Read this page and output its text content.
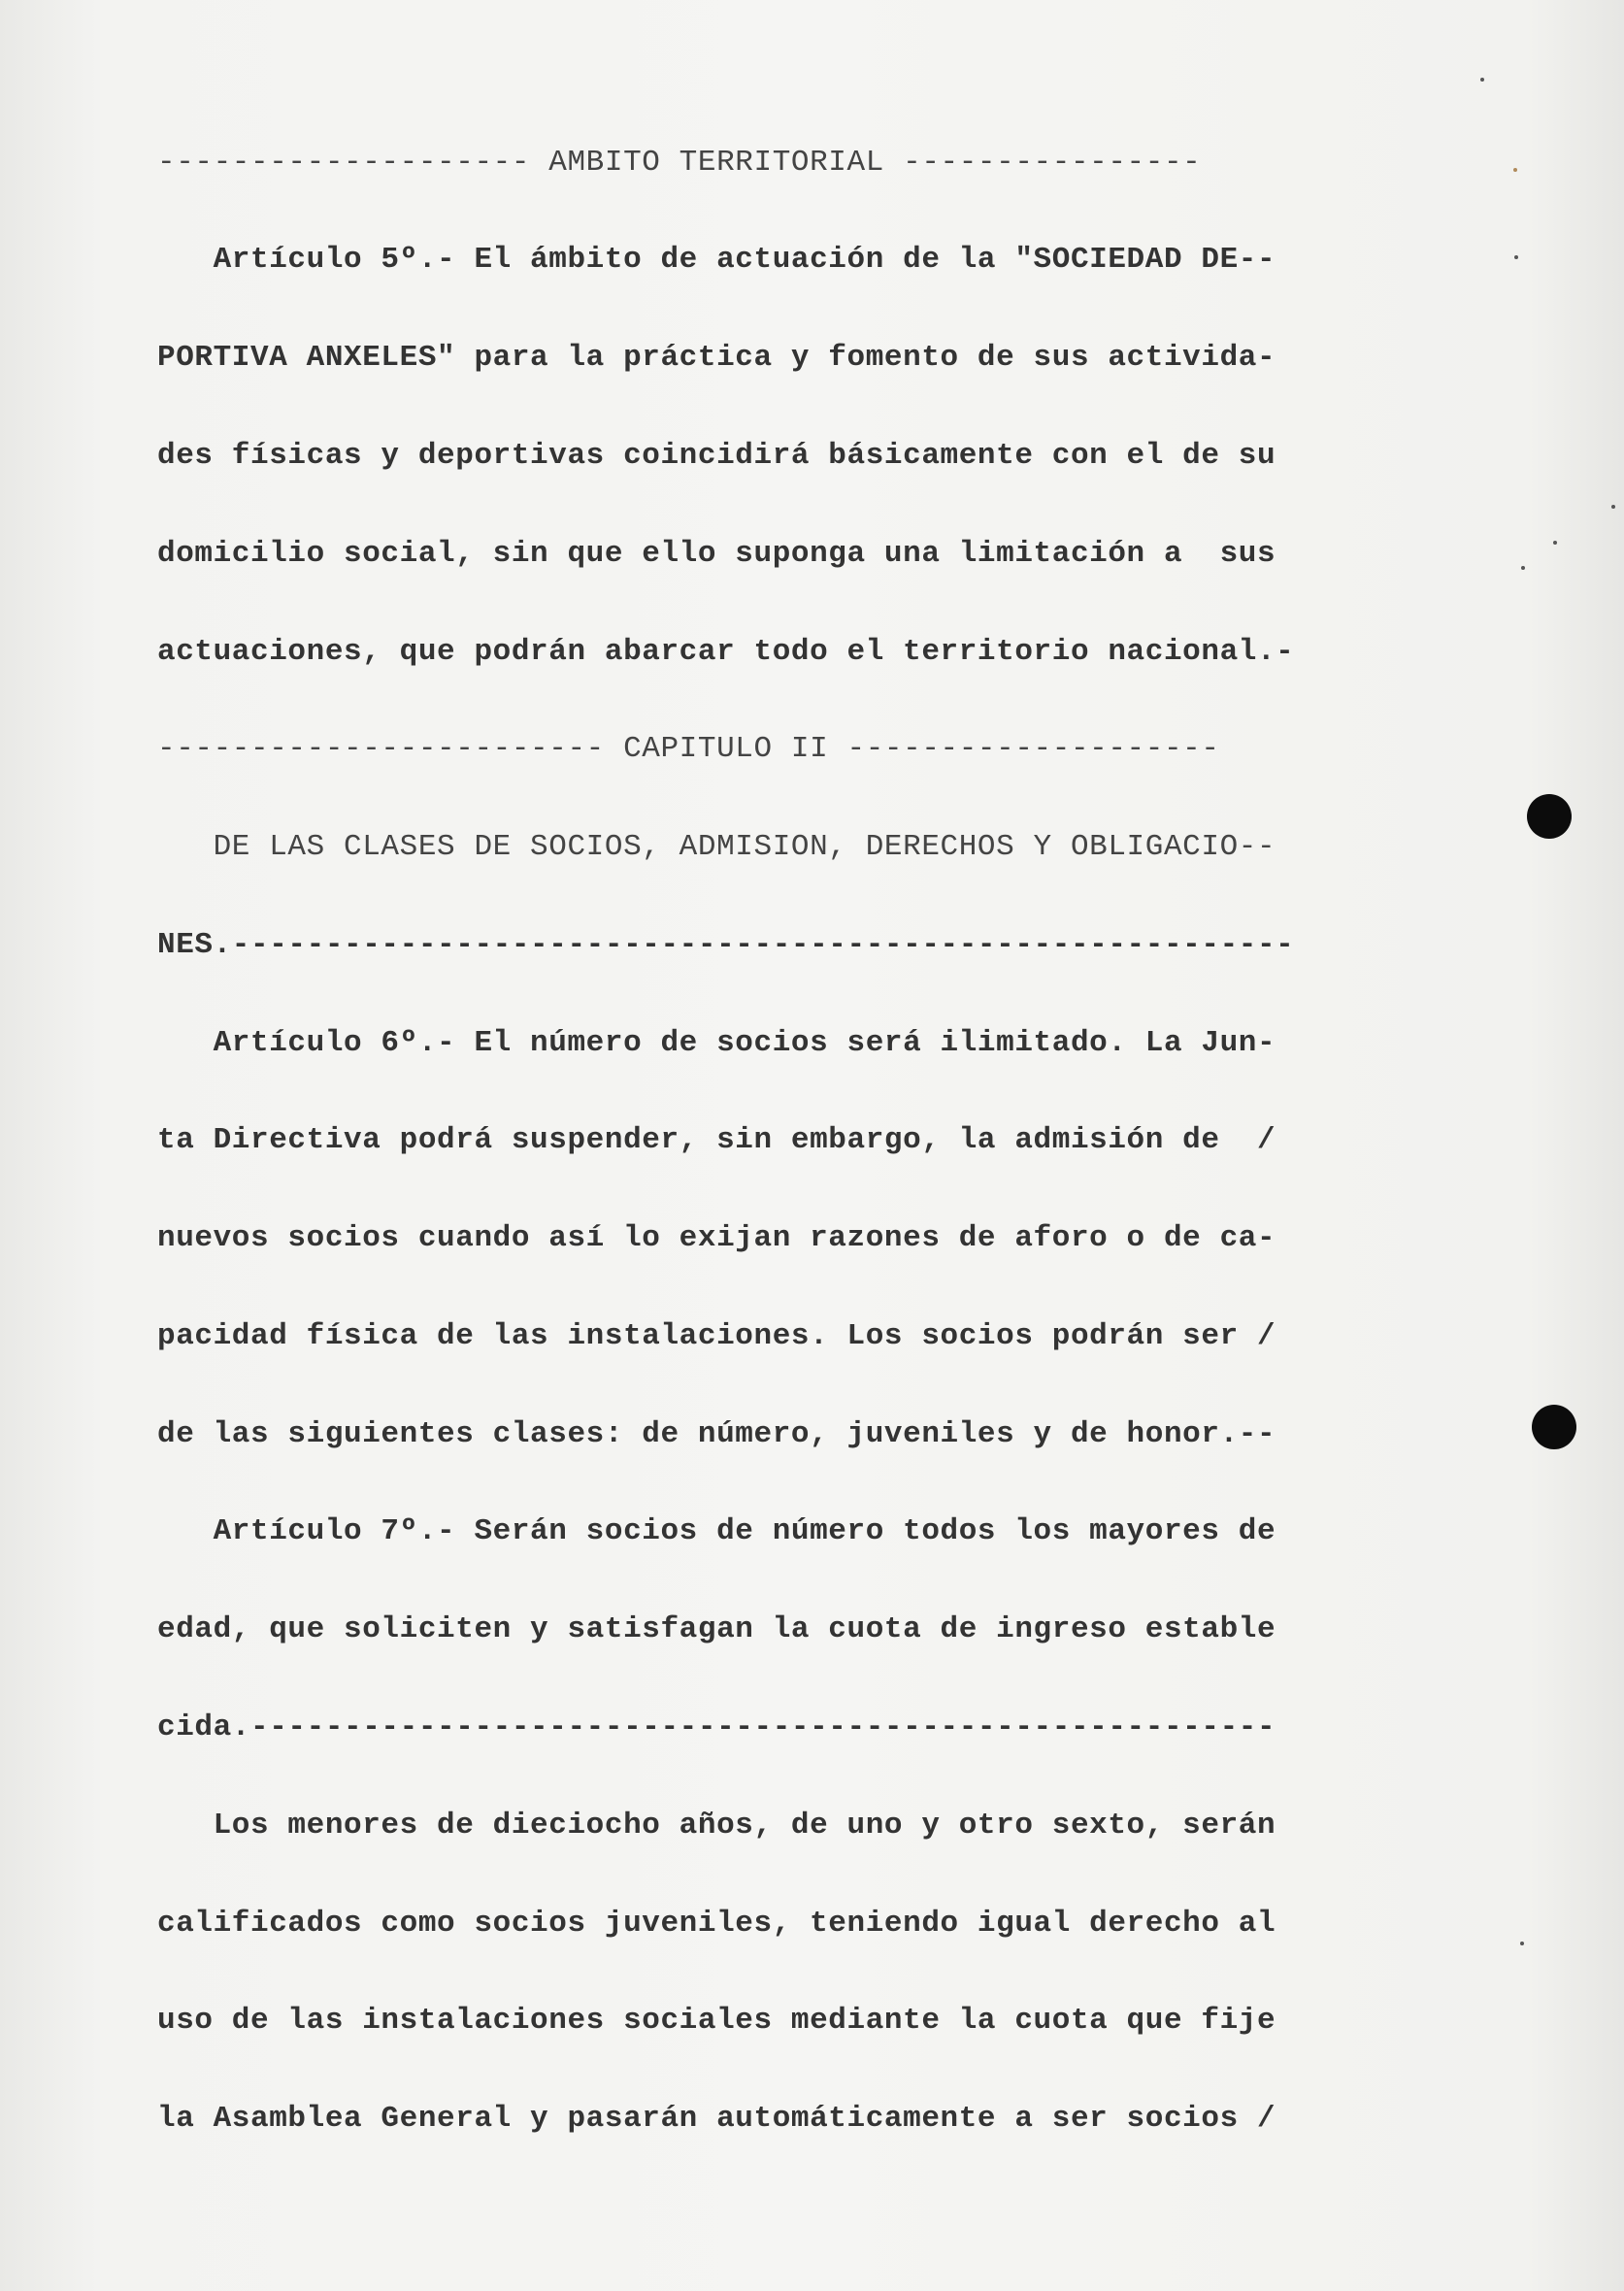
-------------------- AMBITO TERRITORIAL ----------------
Artículo 5º.- El ámbito de actuación de la "SOCIEDAD DE--
PORTIVA ANXELES" para la práctica y fomento de sus activida-
des físicas y deportivas coincidirá básicamente con el de su
domicilio social, sin que ello suponga una limitación a  sus
actuaciones, que podrán abarcar todo el territorio nacional.-
------------------------ CAPITULO II --------------------
DE LAS CLASES DE SOCIOS, ADMISION, DERECHOS Y OBLIGACIO--
NES.---------------------------------------------------------
Artículo 6º.- El número de socios será ilimitado. La Jun-
ta Directiva podrá suspender, sin embargo, la admisión de  /
nuevos socios cuando así lo exijan razones de aforo o de ca-
pacidad física de las instalaciones. Los socios podrán ser /
de las siguientes clases: de número, juveniles y de honor.--
Artículo 7º.- Serán socios de número todos los mayores de
edad, que soliciten y satisfagan la cuota de ingreso estable
cida.-------------------------------------------------------
Los menores de dieciocho años, de uno y otro sexto, serán
calificados como socios juveniles, teniendo igual derecho al
uso de las instalaciones sociales mediante la cuota que fije
la Asamblea General y pasarán automáticamente a ser socios /
